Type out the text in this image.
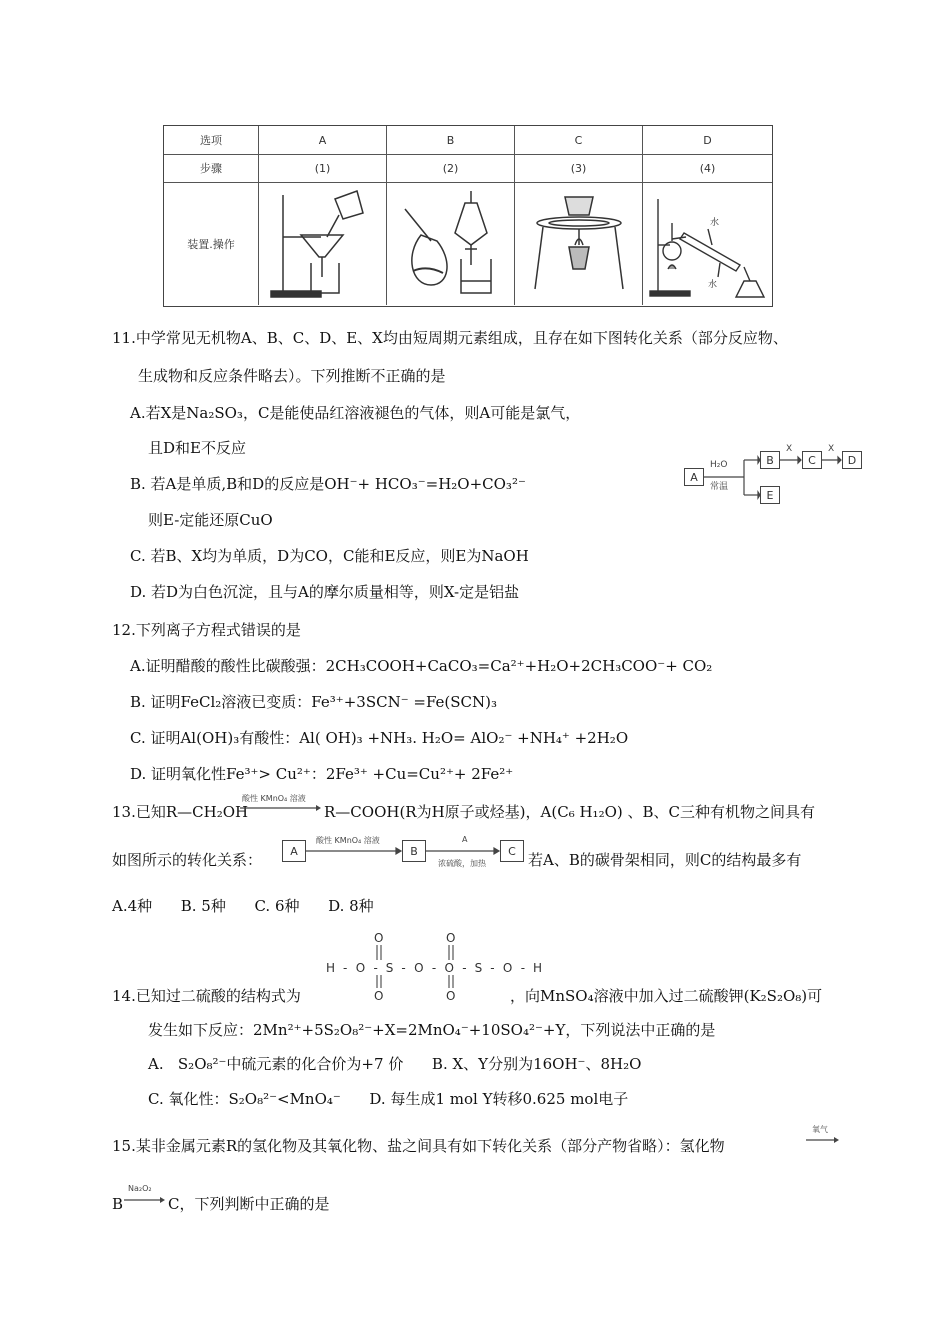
选项	A	B	C	D
步骤	(1)	(2)	(3)	(4)
装置.操作
水
水
11.中学常见无机物A、B、C、D、E、X均由短周期元素组成，且存在如下图转化关系（部分反应物、
生成物和反应条件略去）。下列推断不正确的是
A.若X是Na₂SO₃，C是能使品红溶液褪色的气体，则A可能是氯气，
且D和E不反应
B. 若A是单质,B和D的反应是OH⁻+ HCO₃⁻=H₂O+CO₃²⁻
则E-定能还原CuO
C. 若B、X均为单质，D为CO，C能和E反应，则E为NaOH
D. 若D为白色沉淀，且与A的摩尔质量相等，则X-定是铝盐
A
H₂O
常温
B
X
C
X
D
E
12.下列离子方程式错误的是
A.证明醋酸的酸性比碳酸强：2CH₃COOH+CaCO₃=Ca²⁺+H₂O+2CH₃COO⁻+ CO₂
B. 证明FeCl₂溶液已变质：Fe³⁺+3SCN⁻ =Fe(SCN)₃
C. 证明Al(OH)₃有酸性：Al( OH)₃ +NH₃. H₂O= AlO₂⁻ +NH₄⁺ +2H₂O
D. 证明氧化性Fe³⁺> Cu²⁺：2Fe³⁺ +Cu=Cu²⁺+ 2Fe²⁺
13.已知R—CH₂OH
酸性 KMnO₄ 溶液
R—COOH(R为H原子或烃基)，A(C₆ H₁₂O) 、B、C三种有机物之间具有
如图所示的转化关系：	A
酸性 KMnO₄ 溶液
B
A
浓硫酸，加热
C 若A、B的碳骨架相同，则C的结构最多有
A.4种      B. 5种      C. 6种      D. 8种
O	O
H-O-S-O-O-S-O-H
O	O
14.已知过二硫酸的结构式为	，向MnSO₄溶液中加入过二硫酸钾(K₂S₂O₈)可
发生如下反应：2Mn²⁺+5S₂O₈²⁻+X=2MnO₄⁻+10SO₄²⁻+Y，下列说法中正确的是
A.   S₂O₈²⁻中硫元素的化合价为+7 价      B. X、Y分别为16OH⁻、8H₂O
C. 氧化性：S₂O₈²⁻<MnO₄⁻      D. 每生成1 mol Y转移0.625 mol电子
15.某非金属元素R的氢化物及其氧化物、盐之间具有如下转化关系（部分产物省略）：氢化物
氧气
B
Na₂O₂
C，下列判断中正确的是
